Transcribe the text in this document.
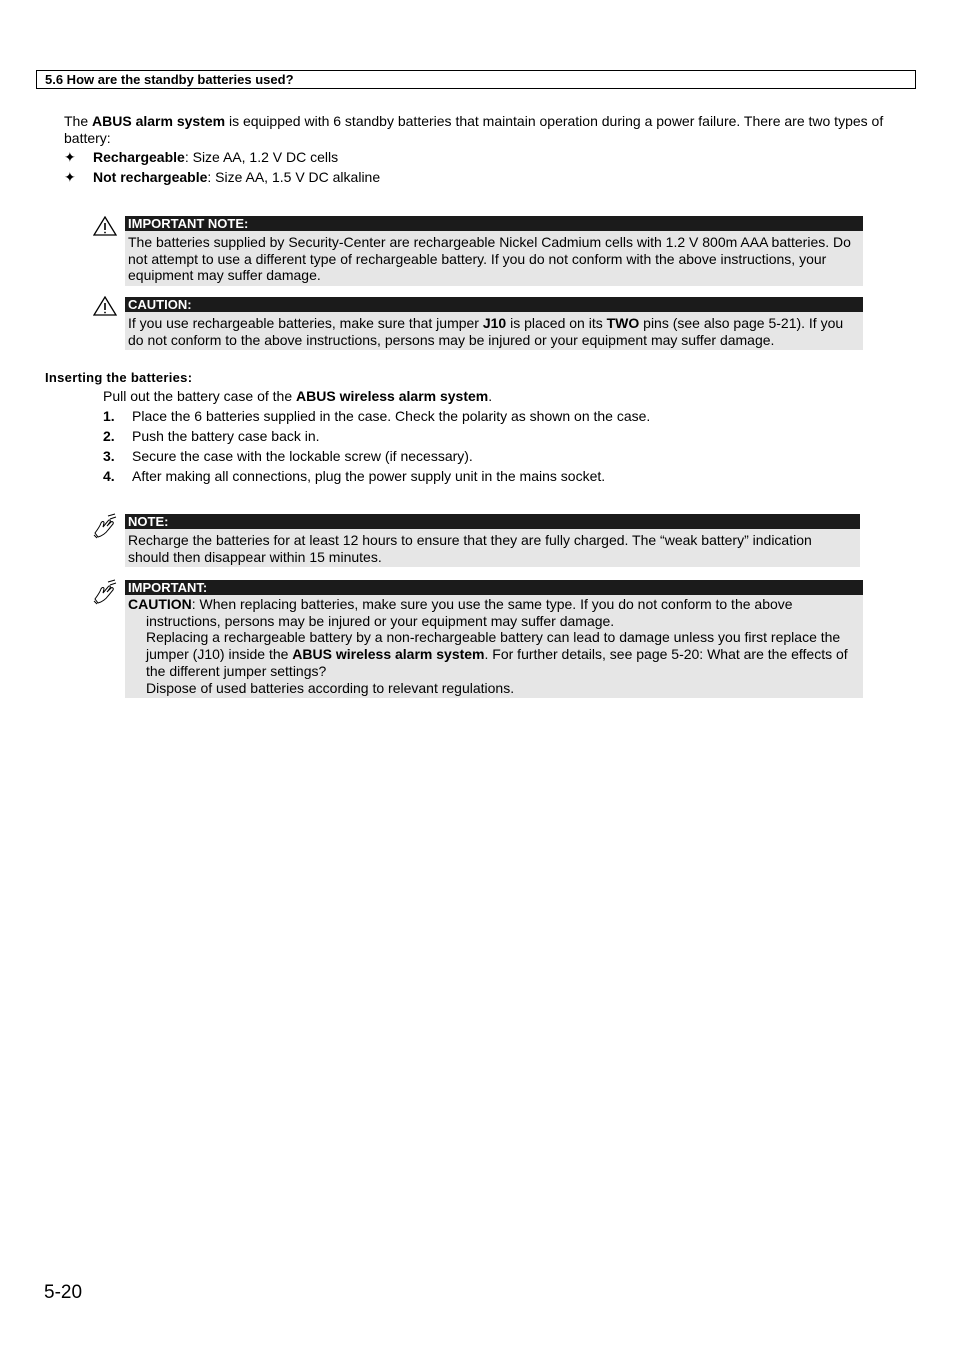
5.6 How are the standby batteries used?
The ABUS alarm system is equipped with 6 standby batteries that maintain operation during a power failure. There are two types of battery:
✦ Rechargeable: Size AA, 1.2 V DC cells
✦ Not rechargeable: Size AA, 1.5 V DC alkaline
IMPORTANT NOTE:
The batteries supplied by Security-Center are rechargeable Nickel Cadmium cells with 1.2 V 800m AAA batteries. Do not attempt to use a different type of rechargeable battery. If you do not conform with the above instructions, your equipment may suffer damage.
CAUTION:
If you use rechargeable batteries, make sure that jumper J10 is placed on its TWO pins (see also page 5-21). If you do not conform to the above instructions, persons may be injured or your equipment may suffer damage.
Inserting the batteries:
Pull out the battery case of the ABUS wireless alarm system.
1. Place the 6 batteries supplied in the case. Check the polarity as shown on the case.
2. Push the battery case back in.
3. Secure the case with the lockable screw (if necessary).
4. After making all connections, plug the power supply unit in the mains socket.
NOTE:
Recharge the batteries for at least 12 hours to ensure that they are fully charged. The “weak battery” indication should then disappear within 15 minutes.
IMPORTANT:
CAUTION: When replacing batteries, make sure you use the same type. If you do not conform to the above instructions, persons may be injured or your equipment may suffer damage.
Replacing a rechargeable battery by a non-rechargeable battery can lead to damage unless you first replace the jumper (J10) inside the ABUS wireless alarm system. For further details, see page 5-20: What are the effects of the different jumper settings?
Dispose of used batteries according to relevant regulations.
5-20
